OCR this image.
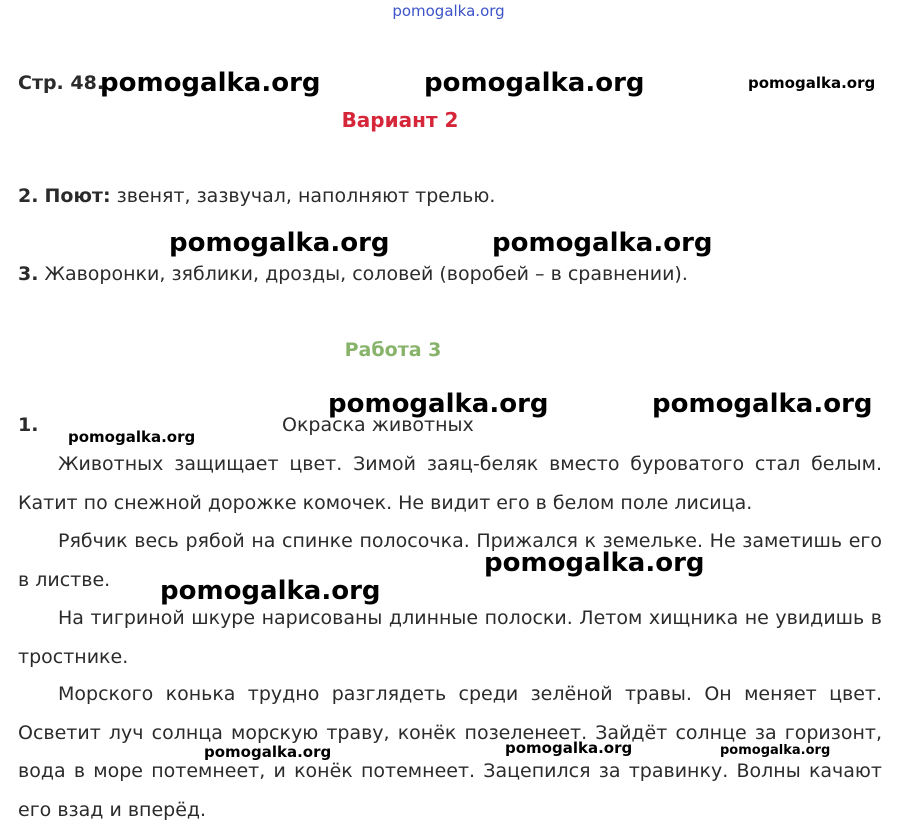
pomogalka.org
Стр. 48.
Вариант 2
2. Поют: звенят, зазвучал, наполняют трелью.
3. Жаворонки, зяблики, дрозды, соловей (воробей – в сравнении).
Работа 3
1.	Окраска животных

Животных защищает цвет. Зимой заяц-беляк вместо буроватого стал белым. Катит по снежной дорожке комочек. Не видит его в белом поле лисица.

Рябчик весь рябой на спинке полосочка. Прижался к земельке. Не заметишь его в листве.

На тигриной шкуре нарисованы длинные полоски. Летом хищника не увидишь в тростнике.

Морского конька трудно разглядеть среди зелёной травы. Он меняет цвет. Осветит луч солнца морскую траву, конёк позеленеет. Зайдёт солнце за горизонт, вода в море потемнеет, и конёк потемнеет. Зацепился за травинку. Волны качают его взад и вперёд.

pomogalka.org	pomogalka.org	pomogalka.org
pomogalka.org	pomogalka.org
pomogalka.org	pomogalka.org
pomogalka.org
pomogalka.org
pomogalka.org
pomogalka.org	pomogalka.org	pomogalka.org
